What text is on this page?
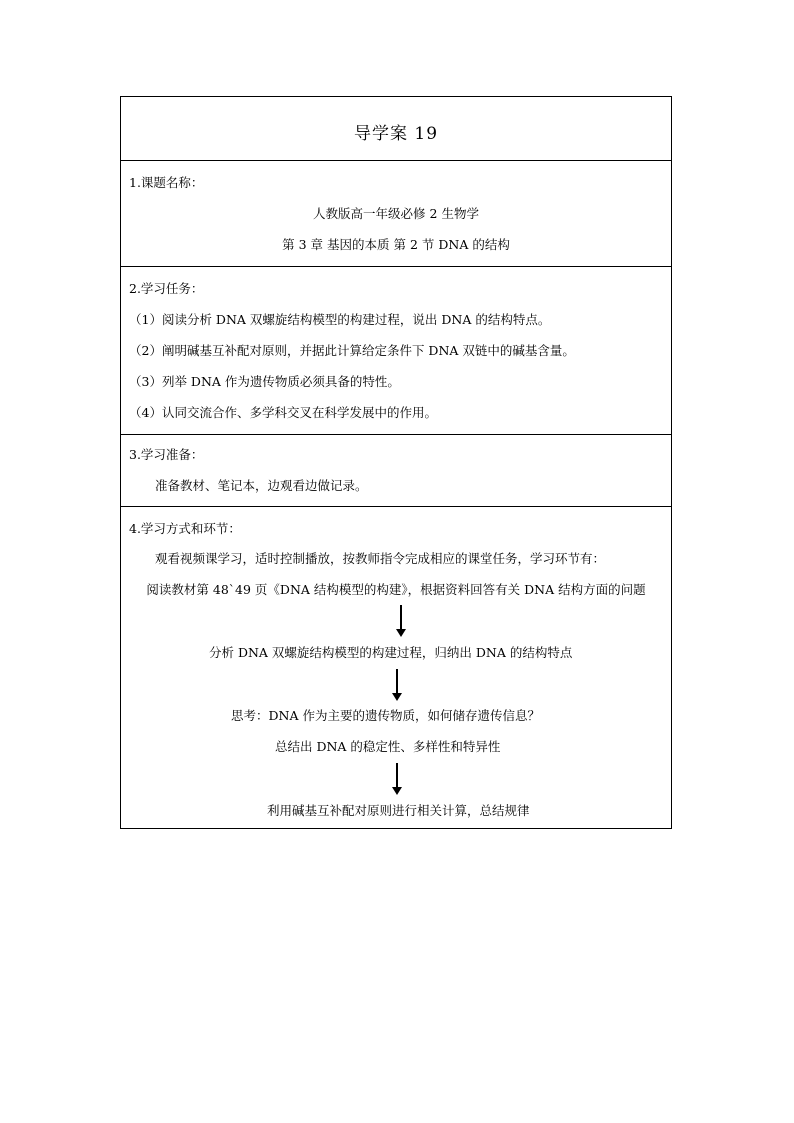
导学案 19
1.课题名称：
人教版高一年级必修 2 生物学
第 3 章 基因的本质 第 2 节 DNA 的结构
2.学习任务：
（1）阅读分析 DNA 双螺旋结构模型的构建过程，说出 DNA 的结构特点。
（2）阐明碱基互补配对原则，并据此计算给定条件下 DNA 双链中的碱基含量。
（3）列举 DNA 作为遗传物质必须具备的特性。
（4）认同交流合作、多学科交叉在科学发展中的作用。
3.学习准备：
准备教材、笔记本，边观看边做记录。
4.学习方式和环节：
观看视频课学习，适时控制播放，按教师指令完成相应的课堂任务，学习环节有：
阅读教材第 48`49 页《DNA 结构模型的构建》，根据资料回答有关 DNA 结构方面的问题
分析 DNA 双螺旋结构模型的构建过程，归纳出 DNA 的结构特点
思考：DNA 作为主要的遗传物质，如何储存遗传信息？
总结出 DNA 的稳定性、多样性和特异性
利用碱基互补配对原则进行相关计算，总结规律
